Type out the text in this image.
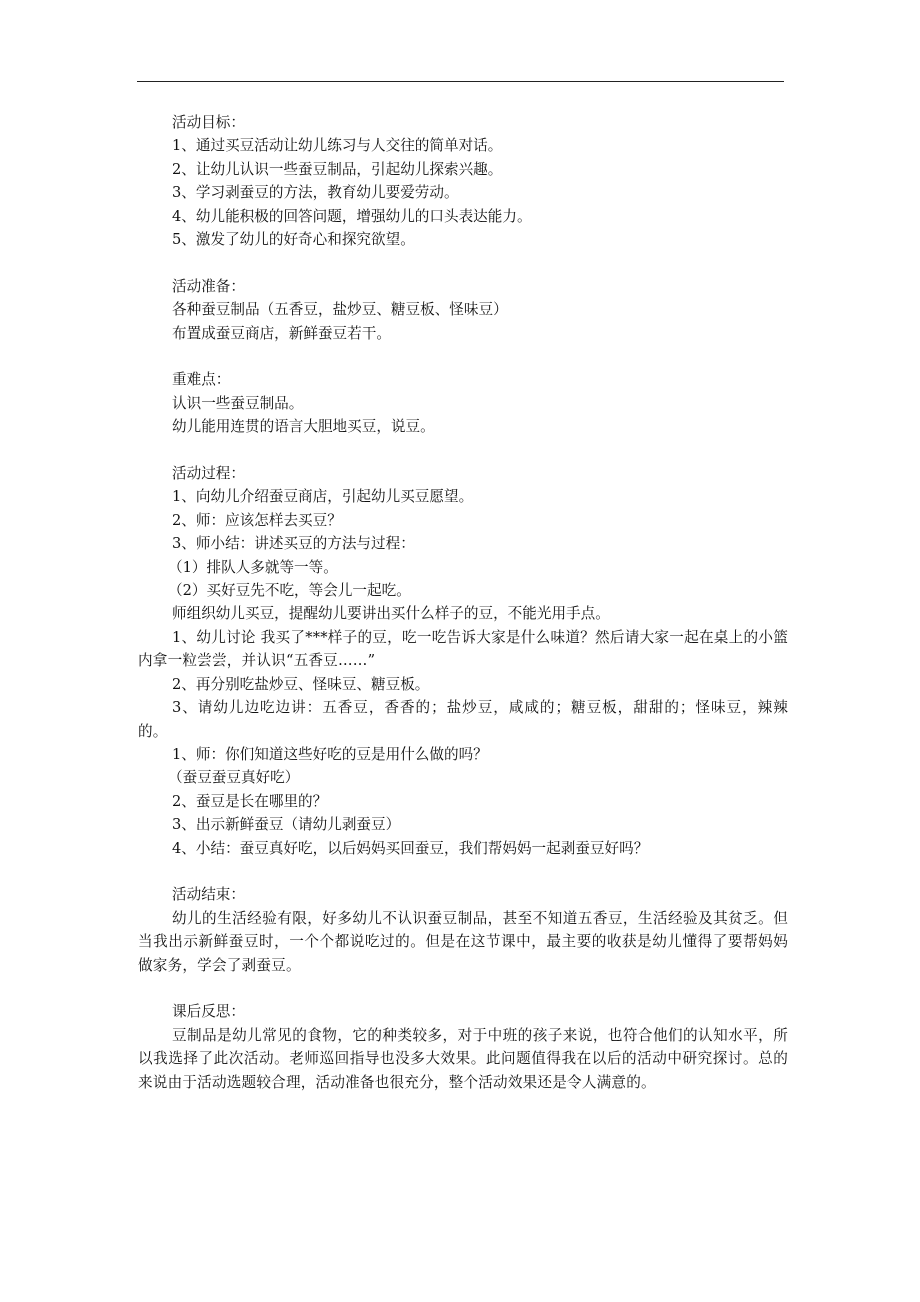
活动目标：
1、通过买豆活动让幼儿练习与人交往的简单对话。
2、让幼儿认识一些蚕豆制品，引起幼儿探索兴趣。
3、学习剥蚕豆的方法，教育幼儿要爱劳动。
4、幼儿能积极的回答问题，增强幼儿的口头表达能力。
5、激发了幼儿的好奇心和探究欲望。
活动准备：
各种蚕豆制品（五香豆，盐炒豆、糖豆板、怪味豆）
布置成蚕豆商店，新鲜蚕豆若干。
重难点：
认识一些蚕豆制品。
幼儿能用连贯的语言大胆地买豆，说豆。
活动过程：
1、向幼儿介绍蚕豆商店，引起幼儿买豆愿望。
2、师：应该怎样去买豆？
3、师小结：讲述买豆的方法与过程：
（1）排队人多就等一等。
（2）买好豆先不吃，等会儿一起吃。
师组织幼儿买豆，提醒幼儿要讲出买什么样子的豆，不能光用手点。
1、幼儿讨论 我买了***样子的豆，吃一吃告诉大家是什么味道？然后请大家一起在桌上的小篮内拿一粒尝尝，并认识“五香豆……”
2、再分别吃盐炒豆、怪味豆、糖豆板。
3、请幼儿边吃边讲：五香豆，香香的；盐炒豆，咸咸的；糖豆板，甜甜的；怪味豆，辣辣的。
1、师：你们知道这些好吃的豆是用什么做的吗？
（蚕豆蚕豆真好吃）
2、蚕豆是长在哪里的？
3、出示新鲜蚕豆（请幼儿剥蚕豆）
4、小结：蚕豆真好吃，以后妈妈买回蚕豆，我们帮妈妈一起剥蚕豆好吗？
活动结束：
幼儿的生活经验有限，好多幼儿不认识蚕豆制品，甚至不知道五香豆，生活经验及其贫乏。但当我出示新鲜蚕豆时，一个个都说吃过的。但是在这节课中，最主要的收获是幼儿懂得了要帮妈妈做家务，学会了剥蚕豆。
课后反思：
豆制品是幼儿常见的食物，它的种类较多，对于中班的孩子来说，也符合他们的认知水平，所以我选择了此次活动。老师巡回指导也没多大效果。此问题值得我在以后的活动中研究探讨。总的来说由于活动选题较合理，活动准备也很充分，整个活动效果还是令人满意的。
